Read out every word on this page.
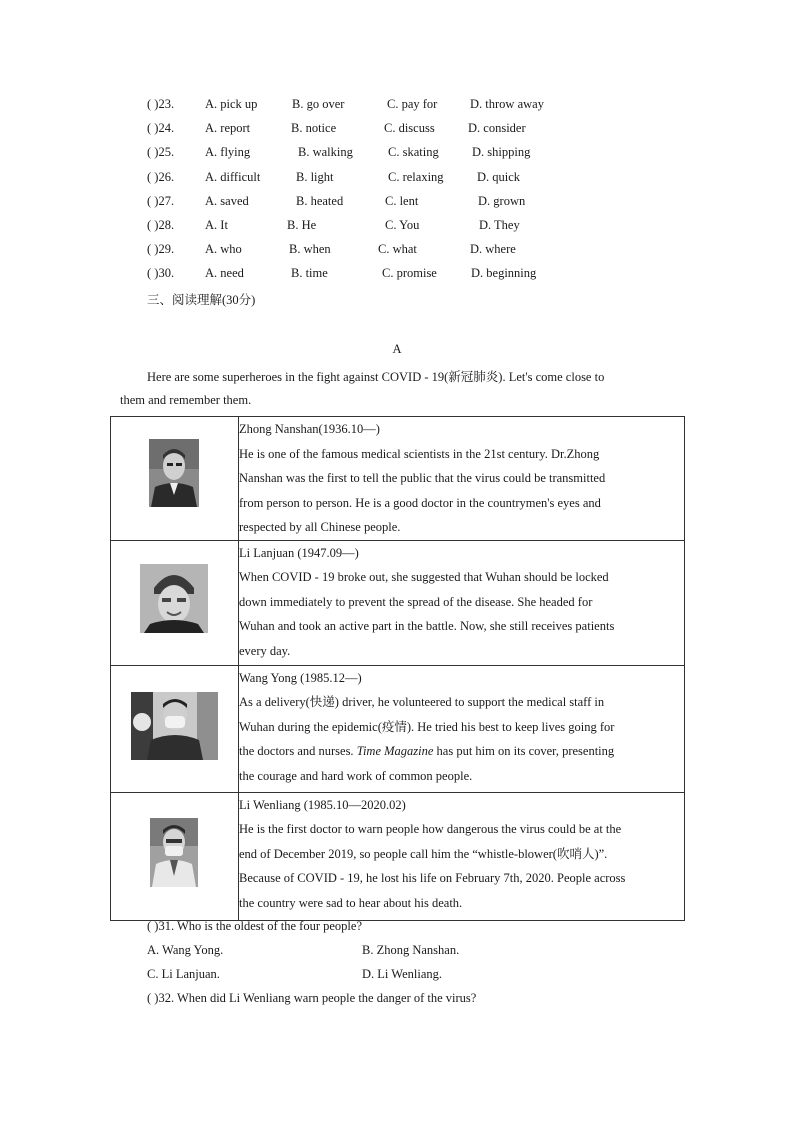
( )23. A. pick up	B. go over	C. pay for	D. throw away
( )24. A. report	B. notice	C. discuss	D. consider
( )25. A. flying	B. walking	C. skating	D. shipping
( )26. A. difficult	B. light	C. relaxing	D. quick
( )27. A. saved	B. heated	C. lent	D. grown
( )28. A. It	B. He	C. You	D. They
( )29. A. who	B. when	C. what	D. where
( )30. A. need	B. time	C. promise	D. beginning
三、阅读理解(30分)
A
Here are some superheroes in the fight against COVID - 19(新冠肺炎). Let's come close to
them and remember them.

Zhong Nanshan(1936.10—)
He is one of the famous medical scientists in the 21st century. Dr.Zhong
Nanshan was the first to tell the public that the virus could be transmitted
from person to person. He is a good doctor in the countrymen's eyes and
respected by all Chinese people.

Li Lanjuan (1947.09—)
When COVID - 19 broke out, she suggested that Wuhan should be locked
down immediately to prevent the spread of the disease. She headed for
Wuhan and took an active part in the battle. Now, she still receives patients
every day.

Wang Yong (1985.12—)
As a delivery(快递) driver, he volunteered to support the medical staff in
Wuhan during the epidemic(疫情). He tried his best to keep lives going for
the doctors and nurses. Time Magazine has put him on its cover, presenting
the courage and hard work of common people.

Li Wenliang (1985.10—2020.02)
He is the first doctor to warn people how dangerous the virus could be at the
end of December 2019, so people call him the “whistle-blower(吹哨人)”.
Because of COVID - 19, he lost his life on February 7th, 2020. People across
the country were sad to hear about his death.
( )31. Who is the oldest of the four people?
A. Wang Yong.	B. Zhong Nanshan.
C. Li Lanjuan.	D. Li Wenliang.
( )32. When did Li Wenliang warn people the danger of the virus?
